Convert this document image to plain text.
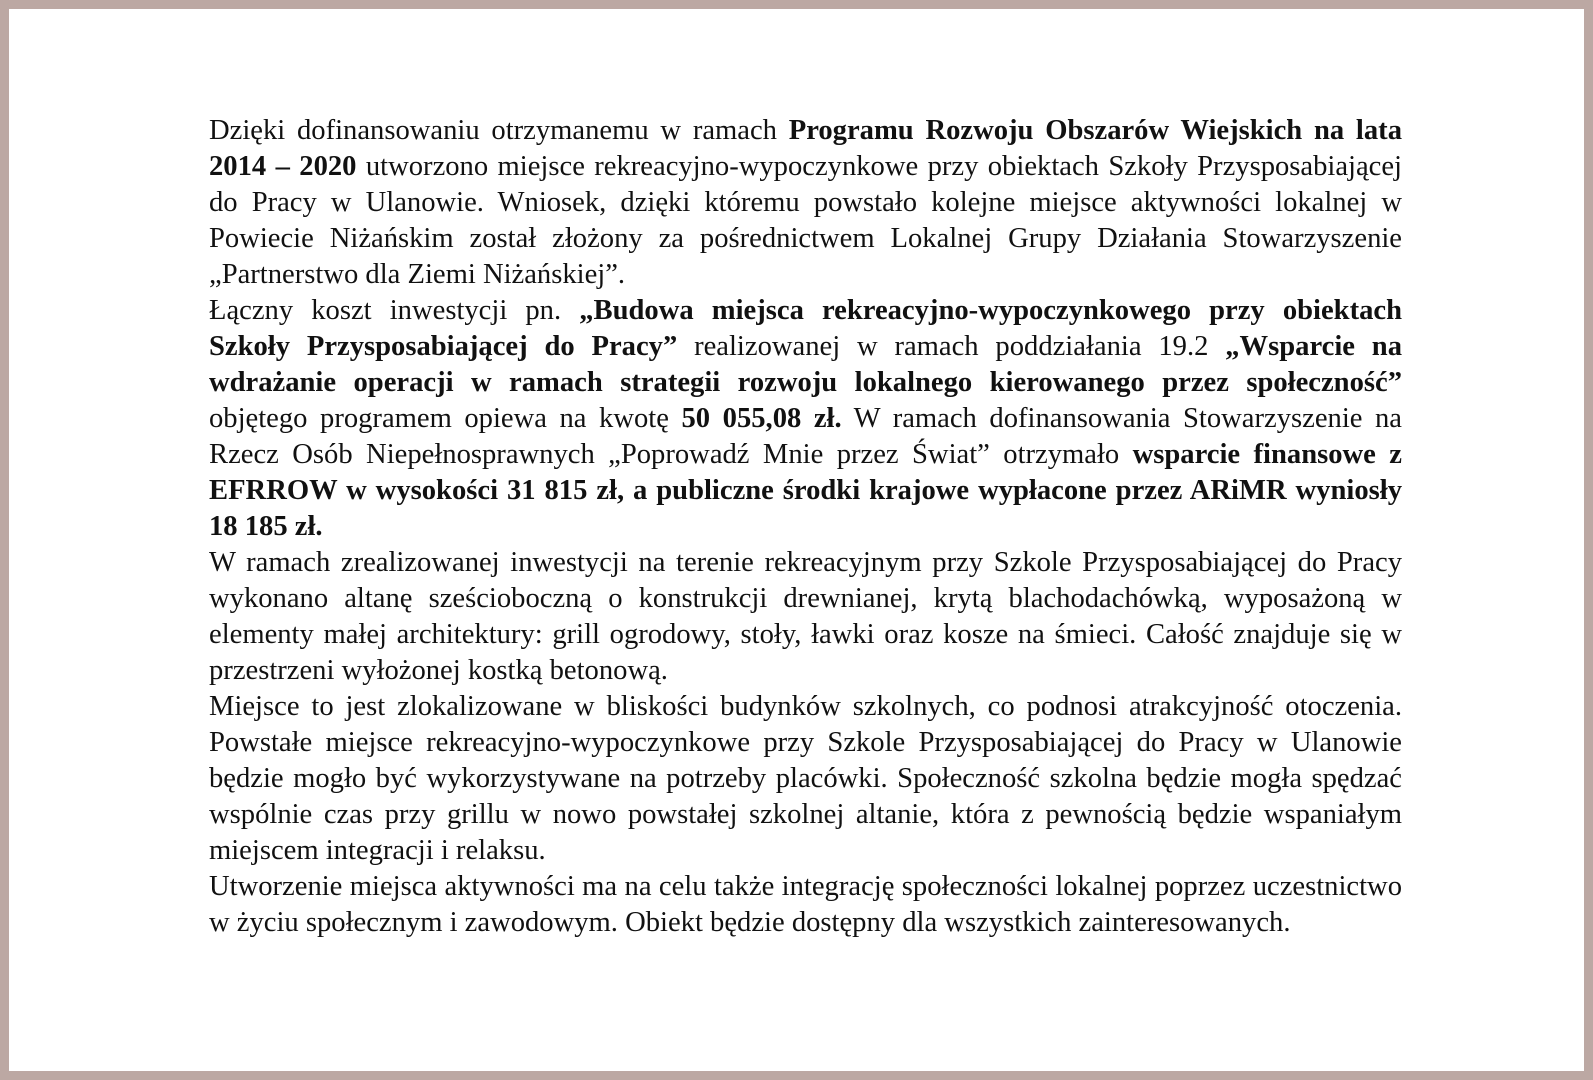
Dzięki dofinansowaniu otrzymanemu w ramach Programu Rozwoju Obszarów Wiejskich na lata 2014 – 2020 utworzono miejsce rekreacyjno-wypoczynkowe przy obiektach Szkoły Przysposabiającej do Pracy w Ulanowie. Wniosek, dzięki któremu powstało kolejne miejsce aktywności lokalnej w Powiecie Niżańskim został złożony za pośrednictwem Lokalnej Grupy Działania Stowarzyszenie „Partnerstwo dla Ziemi Niżańskiej”.

Łączny koszt inwestycji pn. „Budowa miejsca rekreacyjno-wypoczynkowego przy obiektach Szkoły Przysposabiającej do Pracy” realizowanej w ramach poddziałania 19.2 „Wsparcie na wdrażanie operacji w ramach strategii rozwoju lokalnego kierowanego przez społeczność” objętego programem opiewa na kwotę 50 055,08 zł. W ramach dofinansowania Stowarzyszenie na Rzecz Osób Niepełnosprawnych „Poprowadź Mnie przez Świat” otrzymało wsparcie finansowe z EFRROW w wysokości 31 815 zł, a publiczne środki krajowe wypłacone przez ARiMR wyniosły 18 185 zł.

W ramach zrealizowanej inwestycji na terenie rekreacyjnym przy Szkole Przysposabiającej do Pracy wykonano altanę sześcioboczną o konstrukcji drewnianej, krytą blachodachówką, wyposażoną w elementy małej architektury: grill ogrodowy, stoły, ławki oraz kosze na śmieci. Całość znajduje się w przestrzeni wyłożonej kostką betonową.

Miejsce to jest zlokalizowane w bliskości budynków szkolnych, co podnosi atrakcyjność otoczenia. Powstałe miejsce rekreacyjno-wypoczynkowe przy Szkole Przysposabiającej do Pracy w Ulanowie będzie mogło być wykorzystywane na potrzeby placówki. Społeczność szkolna będzie mogła spędzać wspólnie czas przy grillu w nowo powstałej szkolnej altanie, która z pewnością będzie wspaniałym miejscem integracji i relaksu.

Utworzenie miejsca aktywności ma na celu także integrację społeczności lokalnej poprzez uczestnictwo w życiu społecznym i zawodowym. Obiekt będzie dostępny dla wszystkich zainteresowanych.
